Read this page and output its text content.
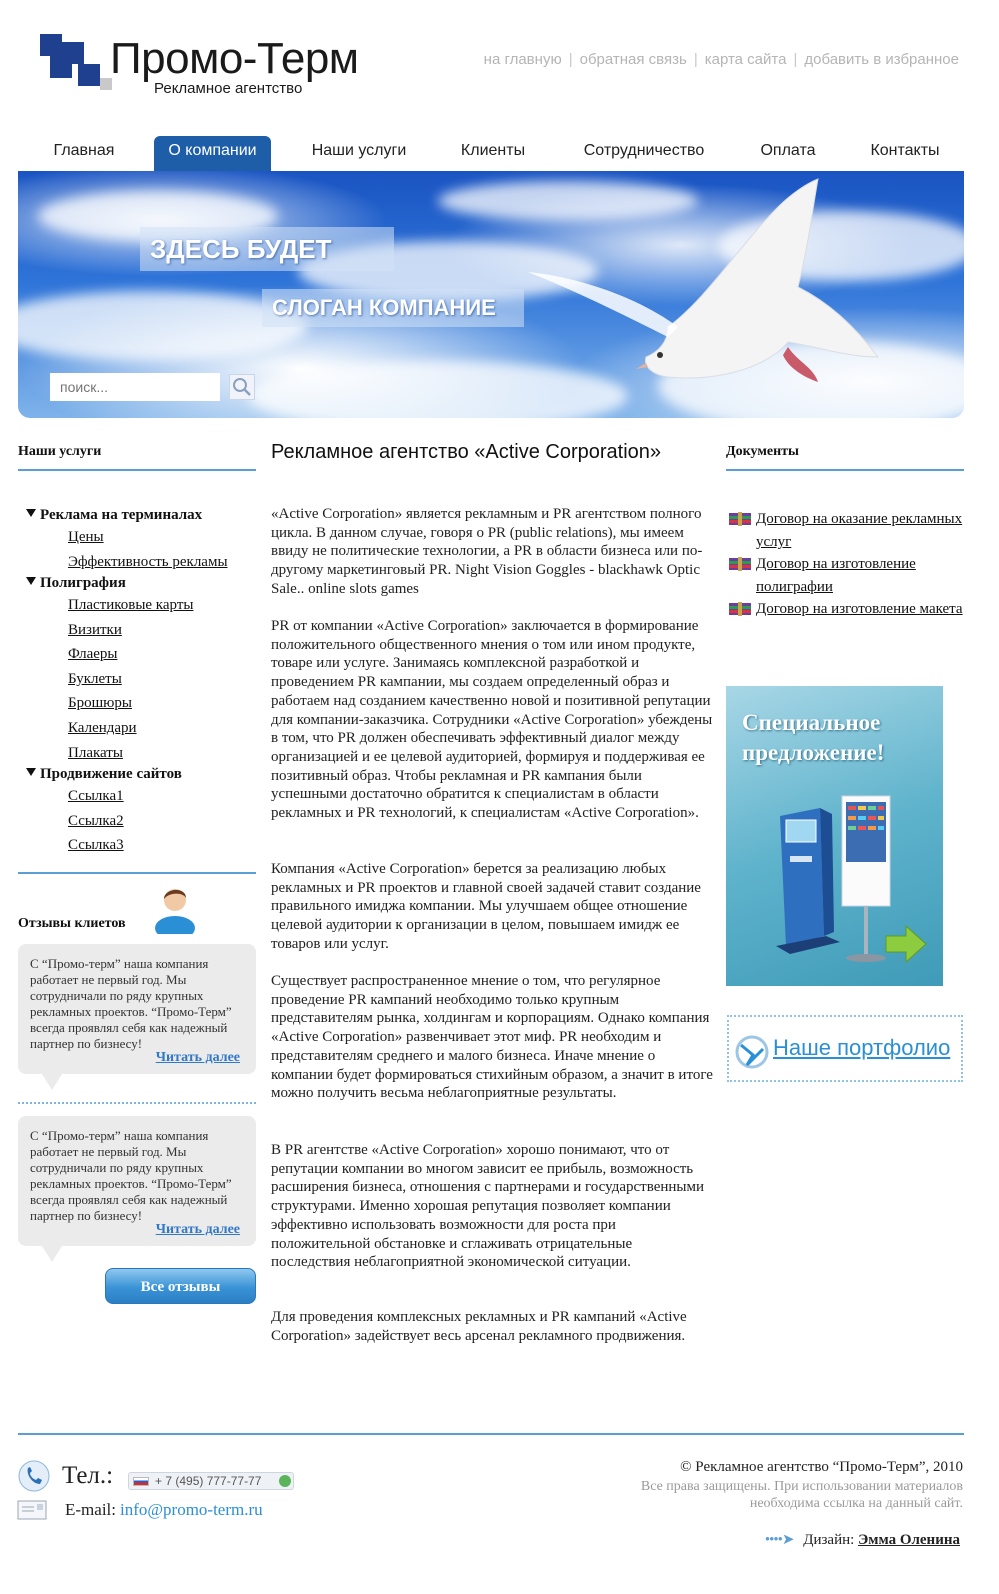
Промо-Терм
Рекламное агентство
на главную | обратная связь | карта сайта | добавить в избранное
Главная	О компании	Наши услуги	Клиенты	Сотрудничество	Оплата	Контакты
ЗДЕСЬ БУДЕТ
СЛОГАН КОМПАНИЕ
поиск...
Наши услуги
Реклама на терминалах
Цены
Эффективность рекламы
Полиграфия
Пластиковые карты
Визитки
Флаеры
Буклеты
Брошюры
Календари
Плакаты
Продвижение сайтов
Ссылка1
Ссылка2
Ссылка3
Отзывы клиетов
С “Промо-терм” наша компания работает не первый год. Мы сотрудничали по ряду крупных рекламных проектов. “Промо-Терм” всегда проявлял себя как надежный партнер по бизнесу!
Читать далее
С “Промо-терм” наша компания работает не первый год. Мы сотрудничали по ряду крупных рекламных проектов. “Промо-Терм” всегда проявлял себя как надежный партнер по бизнесу!
Читать далее
Все отзывы
Рекламное агентство «Active Corporation»
«Active Corporation» является рекламным и PR агентством полного цикла. В данном случае, говоря о PR (public relations), мы имеем ввиду не политические технологии, а PR в области бизнеса или по-другому маркетинговый PR. Night Vision Goggles - blackhawk Optic Sale.. online slots games
PR от компании «Active Corporation» заключается в формирование положительного общественного мнения о том или ином продукте, товаре или услуге. Занимаясь комплексной разработкой и проведением PR кампании, мы создаем определенный образ и работаем над созданием качественно новой и позитивной репутации для компании-заказчика. Сотрудники «Active Corporation» убеждены в том, что PR должен обеспечивать эффективный диалог между организацией и ее целевой аудиторией, формируя и поддерживая ее позитивный образ. Чтобы рекламная и PR кампания были успешными достаточно обратится к специалистам в области рекламных и PR технологий, к специалистам «Active Corporation».
Компания «Active Corporation» берется за реализацию любых рекламных и PR проектов и главной своей задачей ставит создание правильного имиджа компании. Мы улучшаем общее отношение целевой аудитории к организации в целом, повышаем имидж ее товаров или услуг.
Существует распространенное мнение о том, что регулярное проведение PR кампаний необходимо только крупным представителям рынка, холдингам и корпорациям. Однако компания «Active Corporation» развенчивает этот миф. PR необходим и представителям среднего и малого бизнеса. Иначе мнение о компании будет формироваться стихийным образом, а значит в итоге можно получить весьма неблагоприятные результаты.
В PR агентстве «Active Corporation» хорошо понимают, что от репутации компании во многом зависит ее прибыль, возможность расширения бизнеса, отношения с партнерами и государственными структурами. Именно хорошая репутация позволяет компании эффективно использовать возможности для роста при положительной обстановке и сглаживать отрицательные последствия неблагоприятной экономической ситуации.
Для проведения комплексных рекламных и PR кампаний «Active Corporation» задействует весь арсенал рекламного продвижения.
Документы
Договор на оказание рекламных услуг
Договор на изготовление полиграфии
Договор на изготовление макета
Специальное предложение!
Наше портфолио
Тел.:	+ 7 (495) 777-77-77
E-mail: info@promo-term.ru
© Рекламное агентство “Промо-Терм”, 2010
Все права защищены. При использовании материалов
необходима ссылка на данный сайт.
••••➤ Дизайн: Эмма Оленина
